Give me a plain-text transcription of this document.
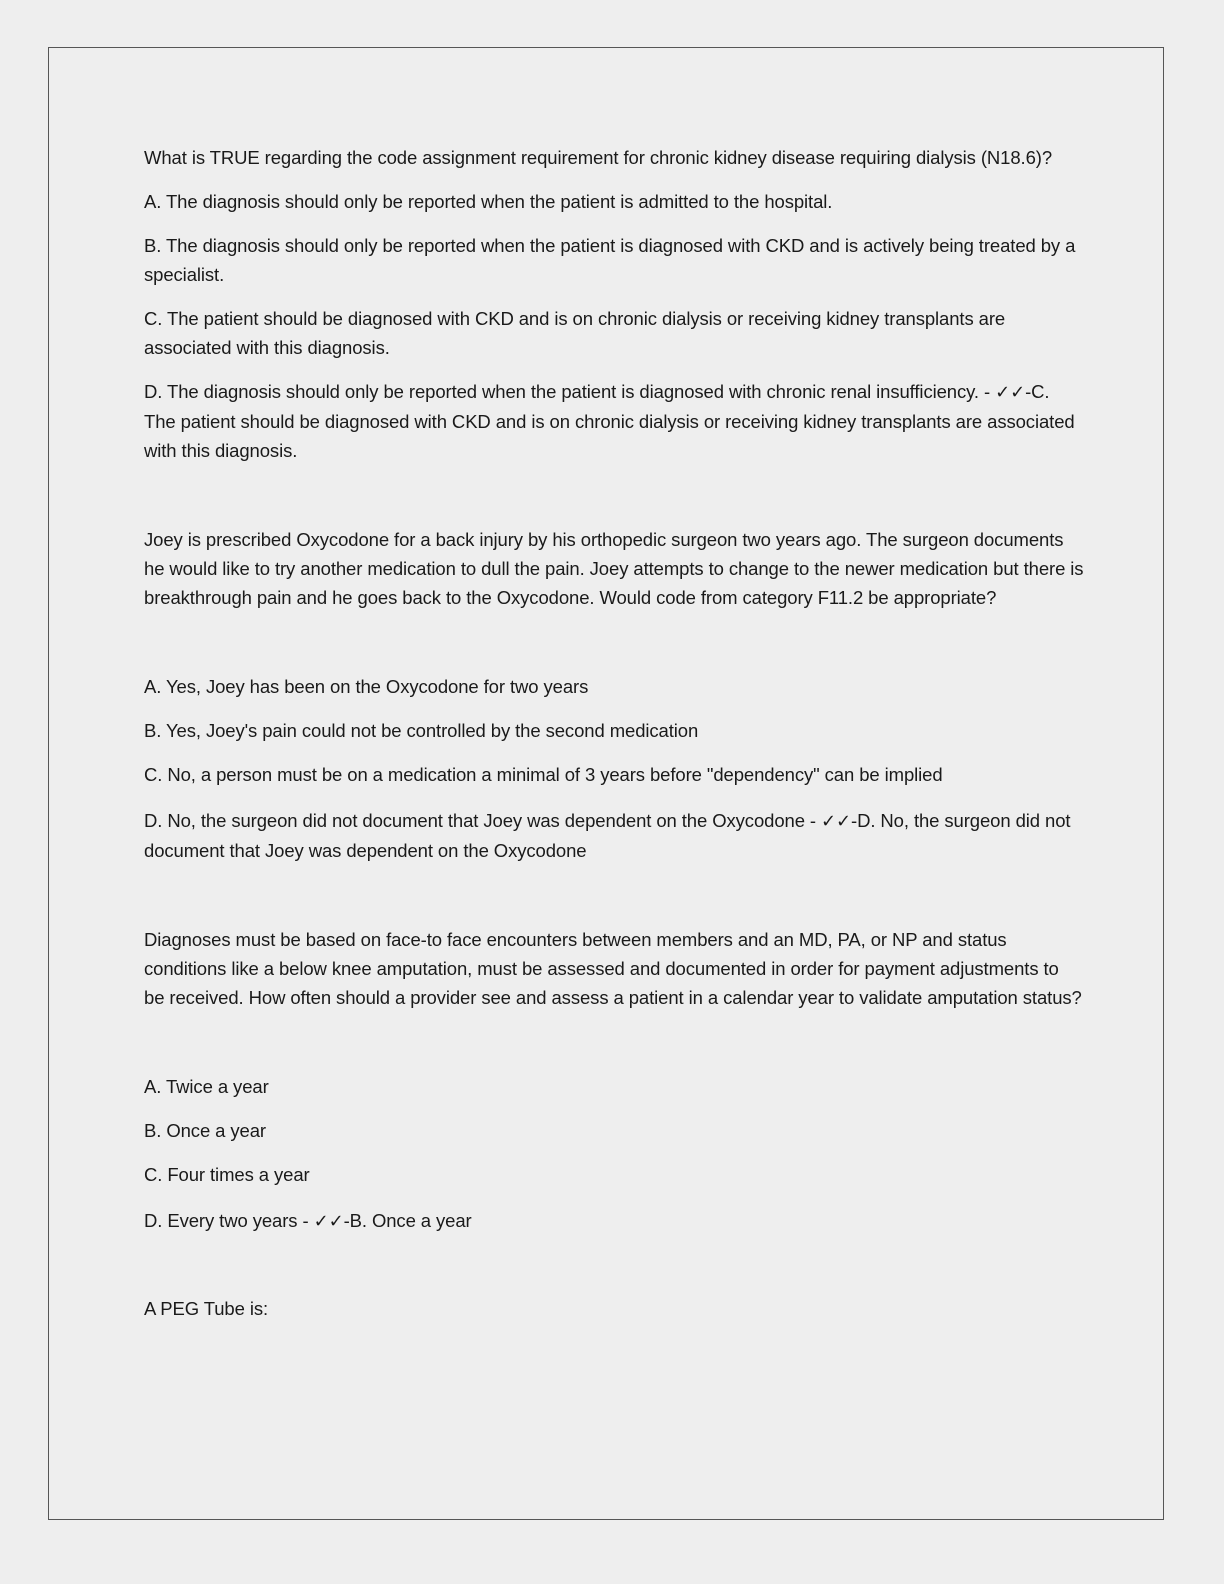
What is TRUE regarding the code assignment requirement for chronic kidney disease requiring dialysis (N18.6)?

A. The diagnosis should only be reported when the patient is admitted to the hospital.

B. The diagnosis should only be reported when the patient is diagnosed with CKD and is actively being treated by a specialist.

C. The patient should be diagnosed with CKD and is on chronic dialysis or receiving kidney transplants are associated with this diagnosis.

D. The diagnosis should only be reported when the patient is diagnosed with chronic renal insufficiency. - ✓✓-C. The patient should be diagnosed with CKD and is on chronic dialysis or receiving kidney transplants are associated with this diagnosis.

Joey is prescribed Oxycodone for a back injury by his orthopedic surgeon two years ago. The surgeon documents he would like to try another medication to dull the pain. Joey attempts to change to the newer medication but there is breakthrough pain and he goes back to the Oxycodone. Would code from category F11.2 be appropriate?

A. Yes, Joey has been on the Oxycodone for two years

B. Yes, Joey's pain could not be controlled by the second medication

C. No, a person must be on a medication a minimal of 3 years before "dependency" can be implied

D. No, the surgeon did not document that Joey was dependent on the Oxycodone - ✓✓-D. No, the surgeon did not document that Joey was dependent on the Oxycodone

Diagnoses must be based on face-to face encounters between members and an MD, PA, or NP and status conditions like a below knee amputation, must be assessed and documented in order for payment adjustments to be received. How often should a provider see and assess a patient in a calendar year to validate amputation status?

A. Twice a year

B. Once a year

C. Four times a year

D. Every two years - ✓✓-B. Once a year

A PEG Tube is:
